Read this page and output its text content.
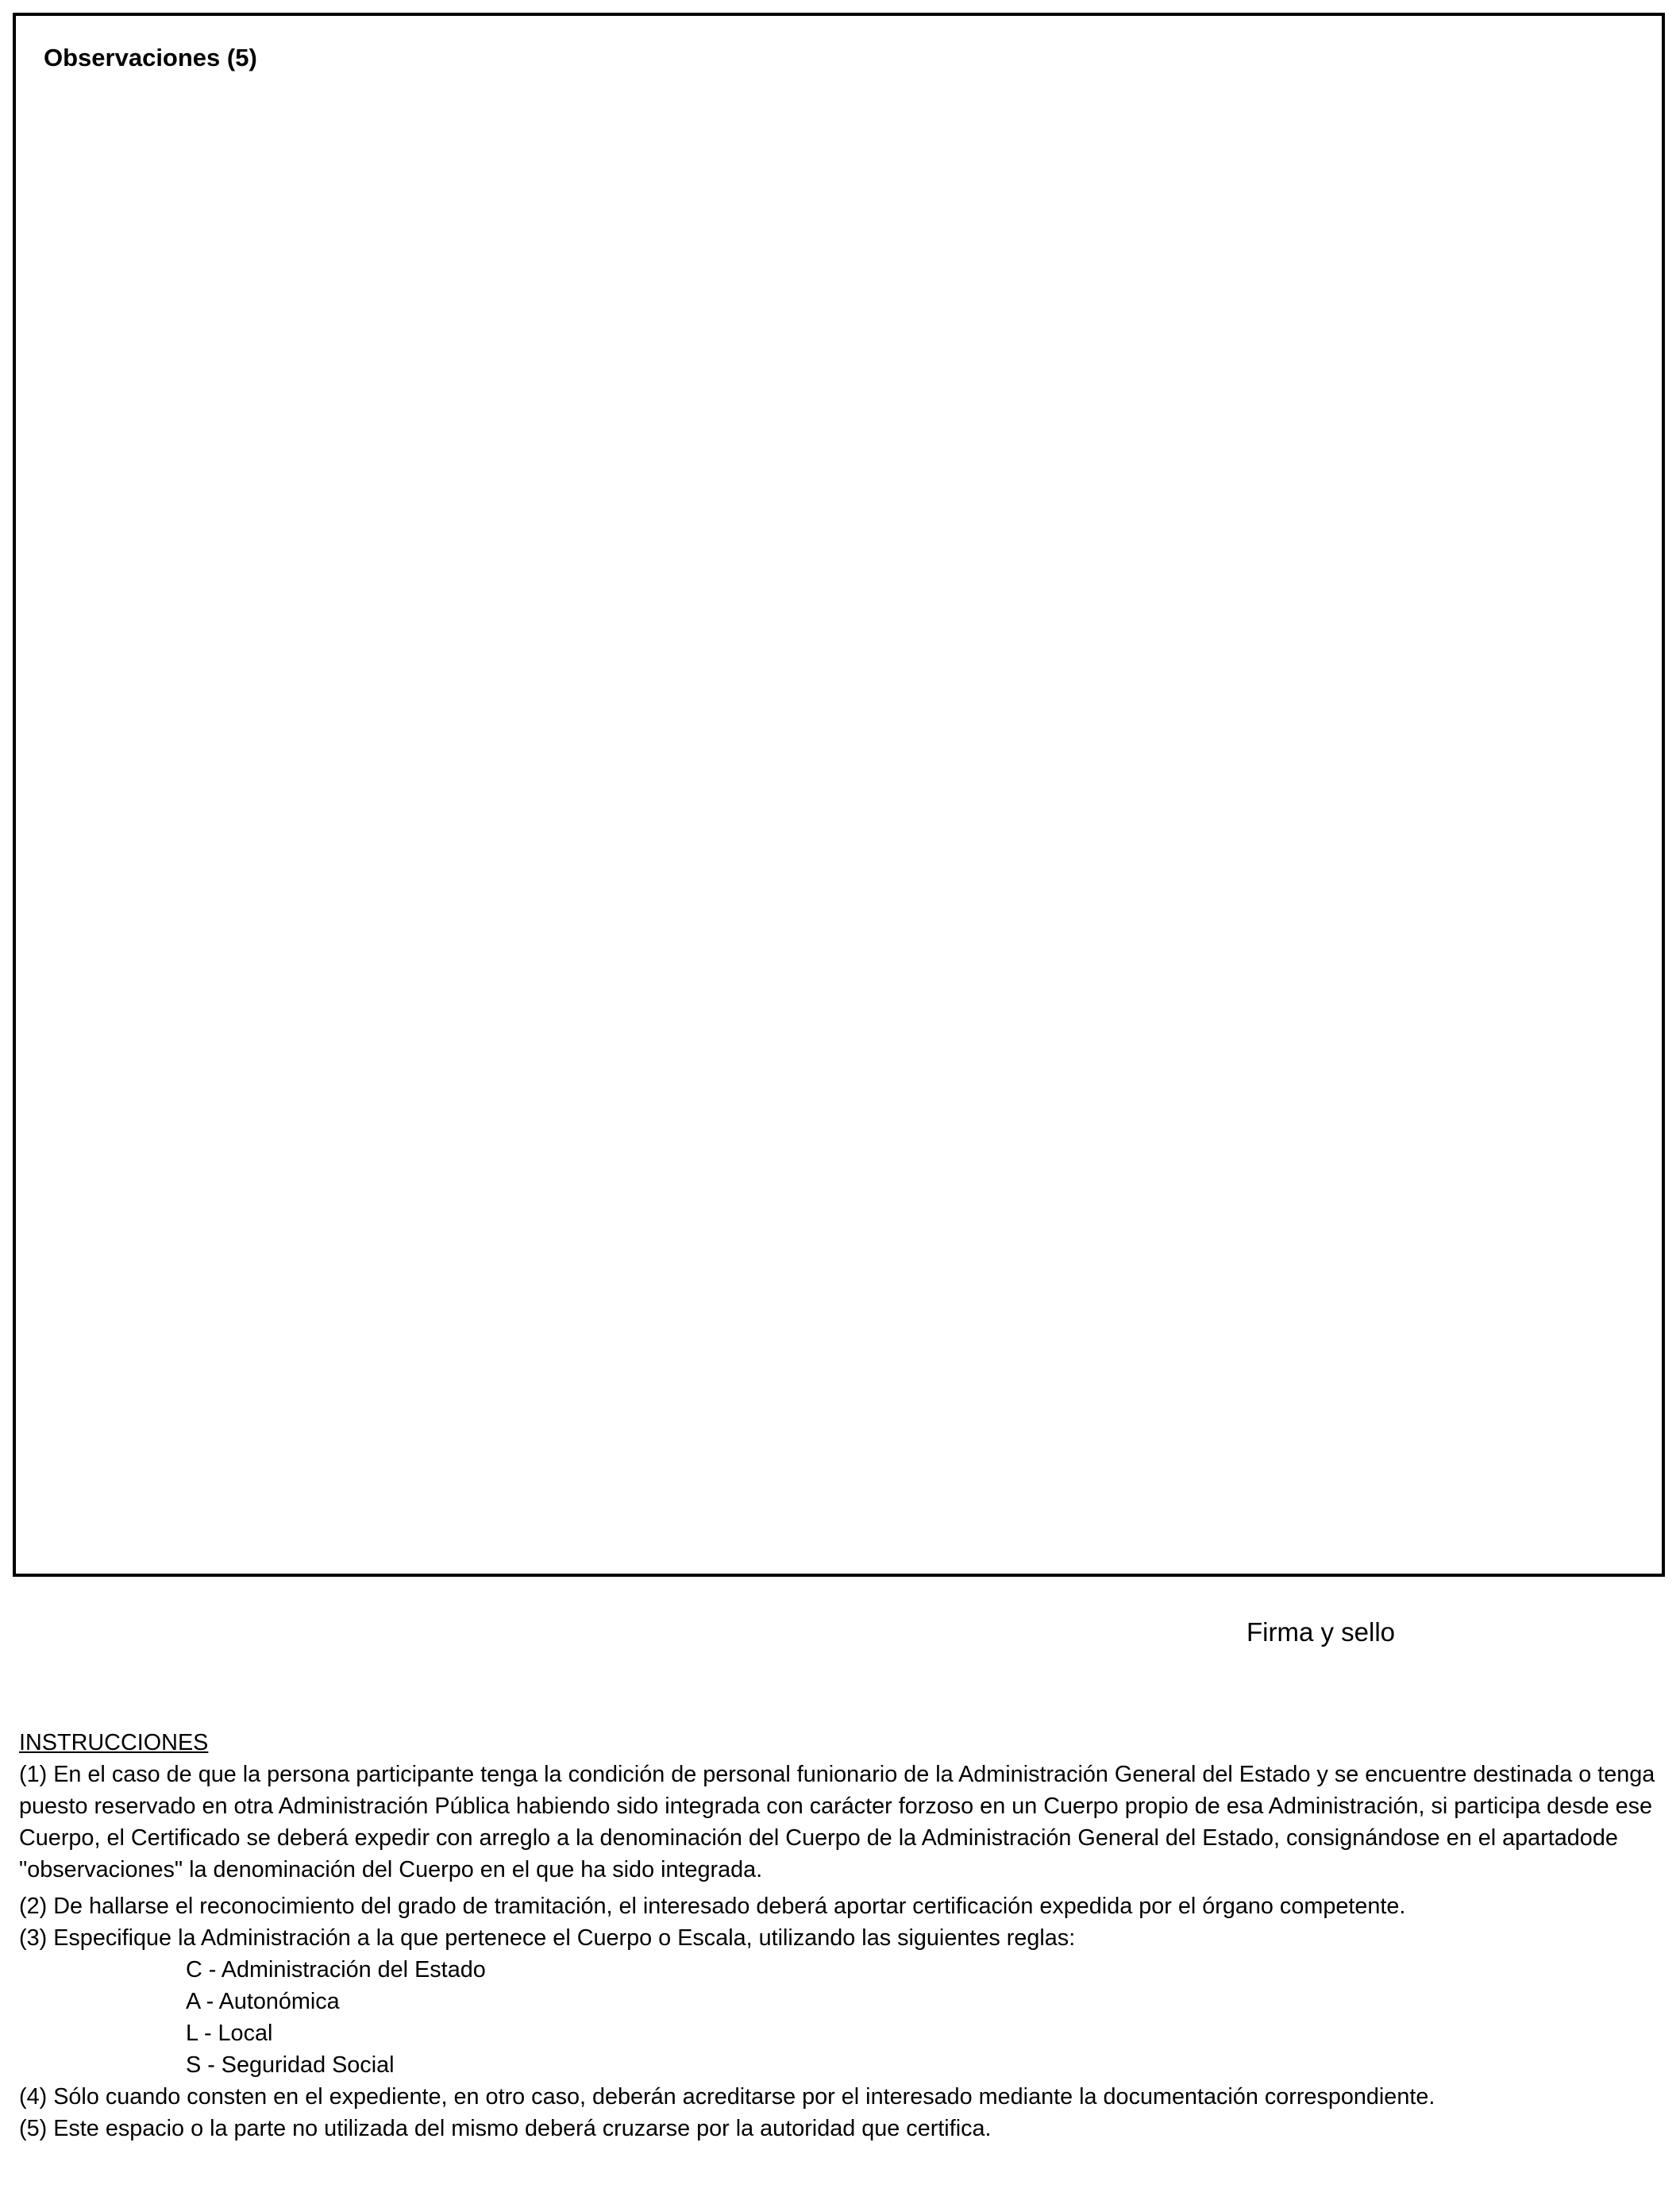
Observaciones (5)

Firma y sello

INSTRUCCIONES

(1) En el caso de que la persona participante tenga la condición de personal funionario de la Administración General del Estado y se encuentre destinada o tenga puesto reservado en otra Administración Pública habiendo sido integrada con carácter forzoso en un Cuerpo propio de esa Administración, si participa desde ese Cuerpo, el Certificado se deberá expedir con arreglo a la denominación del Cuerpo de la Administración General del Estado, consignándose en el apartadode "observaciones" la denominación del Cuerpo en el que ha sido integrada.

(2) De hallarse el reconocimiento del grado de tramitación, el interesado deberá aportar certificación expedida por el órgano competente.

(3) Especifique la Administración a la que pertenece el Cuerpo o Escala, utilizando las siguientes reglas:

C - Administración del Estado

A - Autonómica

L - Local

S - Seguridad Social

(4) Sólo cuando consten en el expediente, en otro caso, deberán acreditarse por el interesado mediante la documentación correspondiente.

(5) Este espacio o la parte no utilizada del mismo deberá cruzarse por la autoridad que certifica.
